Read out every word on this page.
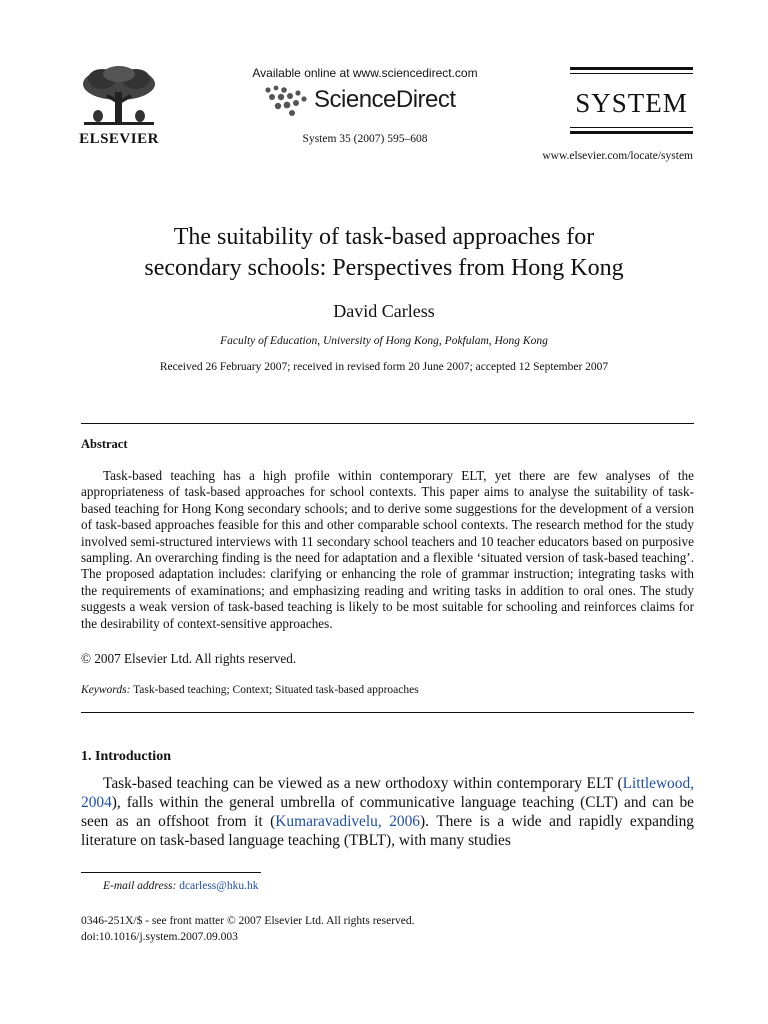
ELSEVIER
Available online at www.sciencedirect.com
ScienceDirect
System 35 (2007) 595–608
SYSTEM
www.elsevier.com/locate/system
The suitability of task-based approaches for
secondary schools: Perspectives from Hong Kong
David Carless
Faculty of Education, University of Hong Kong, Pokfulam, Hong Kong
Received 26 February 2007; received in revised form 20 June 2007; accepted 12 September 2007
Abstract

Task-based teaching has a high profile within contemporary ELT, yet there are few analyses of the appropriateness of task-based approaches for school contexts. This paper aims to analyse the suitability of task-based teaching for Hong Kong secondary schools; and to derive some suggestions for the development of a version of task-based approaches feasible for this and other comparable school contexts. The research method for the study involved semi-structured interviews with 11 secondary school teachers and 10 teacher educators based on purposive sampling. An overarching finding is the need for adaptation and a flexible ‘situated version of task-based teaching’. The proposed adaptation includes: clarifying or enhancing the role of grammar instruction; integrating tasks with the requirements of examinations; and emphasizing reading and writing tasks in addition to oral ones. The study suggests a weak version of task-based teaching is likely to be most suitable for schooling and reinforces claims for the desirability of context-sensitive approaches.

© 2007 Elsevier Ltd. All rights reserved.
Keywords: Task-based teaching; Context; Situated task-based approaches
1. Introduction

Task-based teaching can be viewed as a new orthodoxy within contemporary ELT (Littlewood, 2004), falls within the general umbrella of communicative language teaching (CLT) and can be seen as an offshoot from it (Kumaravadivelu, 2006). There is a wide and rapidly expanding literature on task-based language teaching (TBLT), with many studies

E-mail address: dcarless@hku.hk
0346-251X/$ - see front matter © 2007 Elsevier Ltd. All rights reserved.
doi:10.1016/j.system.2007.09.003
